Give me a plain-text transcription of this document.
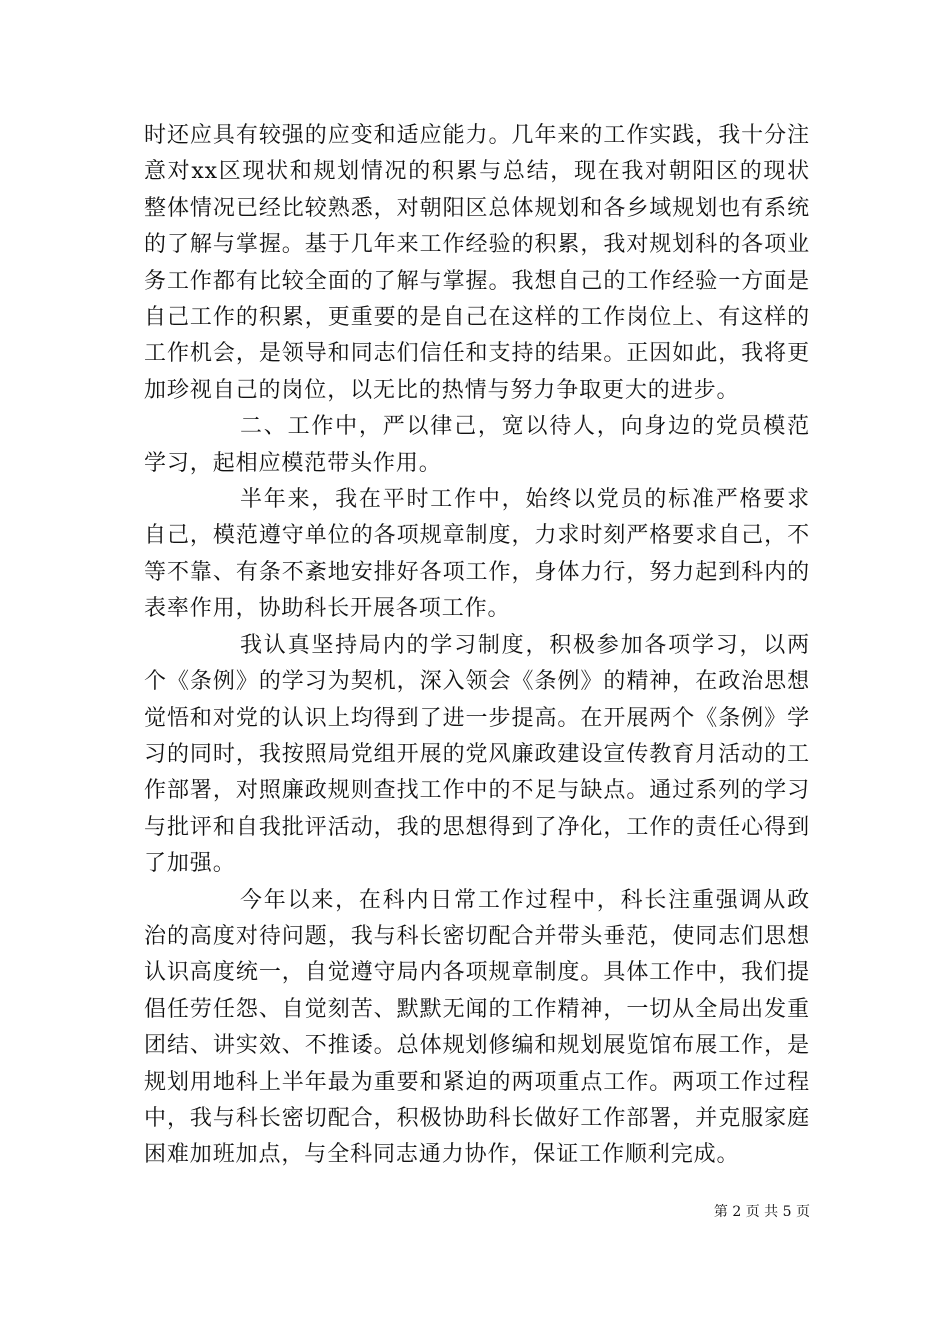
时还应具有较强的应变和适应能力。几年来的工作实践，我十分注意对xx区现状和规划情况的积累与总结，现在我对朝阳区的现状整体情况已经比较熟悉，对朝阳区总体规划和各乡域规划也有系统的了解与掌握。基于几年来工作经验的积累，我对规划科的各项业务工作都有比较全面的了解与掌握。我想自己的工作经验一方面是自己工作的积累，更重要的是自己在这样的工作岗位上、有这样的工作机会，是领导和同志们信任和支持的结果。正因如此，我将更加珍视自己的岗位，以无比的热情与努力争取更大的进步。

二、工作中，严以律己，宽以待人，向身边的党员模范学习，起相应模范带头作用。

半年来，我在平时工作中，始终以党员的标准严格要求自己，模范遵守单位的各项规章制度，力求时刻严格要求自己，不等不靠、有条不紊地安排好各项工作，身体力行，努力起到科内的表率作用，协助科长开展各项工作。

我认真坚持局内的学习制度，积极参加各项学习，以两个《条例》的学习为契机，深入领会《条例》的精神，在政治思想觉悟和对党的认识上均得到了进一步提高。在开展两个《条例》学习的同时，我按照局党组开展的党风廉政建设宣传教育月活动的工作部署，对照廉政规则查找工作中的不足与缺点。通过系列的学习与批评和自我批评活动，我的思想得到了净化，工作的责任心得到了加强。

今年以来，在科内日常工作过程中，科长注重强调从政治的高度对待问题，我与科长密切配合并带头垂范，使同志们思想认识高度统一，自觉遵守局内各项规章制度。具体工作中，我们提倡任劳任怨、自觉刻苦、默默无闻的工作精神，一切从全局出发重团结、讲实效、不推诿。总体规划修编和规划展览馆布展工作，是规划用地科上半年最为重要和紧迫的两项重点工作。两项工作过程中，我与科长密切配合，积极协助科长做好工作部署，并克服家庭困难加班加点，与全科同志通力协作，保证工作顺利完成。

第 2 页 共 5 页
